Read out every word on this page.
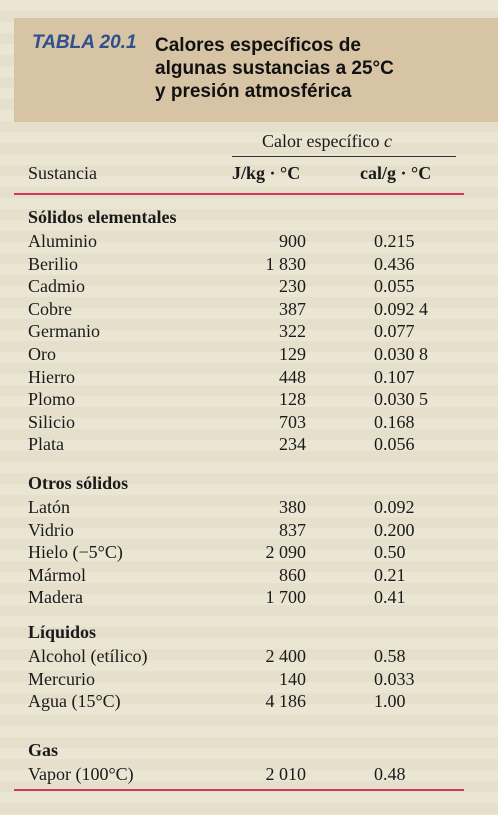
TABLA 20.1 Calores específicos de
algunas sustancias a 25°C
y presión atmosférica
Calor específico c
Sustancia	J/kg · °C	cal/g · °C
Sólidos elementales
Aluminio	900	0.215
Berilio	1 830	0.436
Cadmio	230	0.055
Cobre	387	0.092 4
Germanio	322	0.077
Oro	129	0.030 8
Hierro	448	0.107
Plomo	128	0.030 5
Silicio	703	0.168
Plata	234	0.056
Otros sólidos
Latón	380	0.092
Vidrio	837	0.200
Hielo (−5°C)	2 090	0.50
Mármol	860	0.21
Madera	1 700	0.41
Líquidos
Alcohol (etílico)	2 400	0.58
Mercurio	140	0.033
Agua (15°C)	4 186	1.00
Gas
Vapor (100°C)	2 010	0.48
